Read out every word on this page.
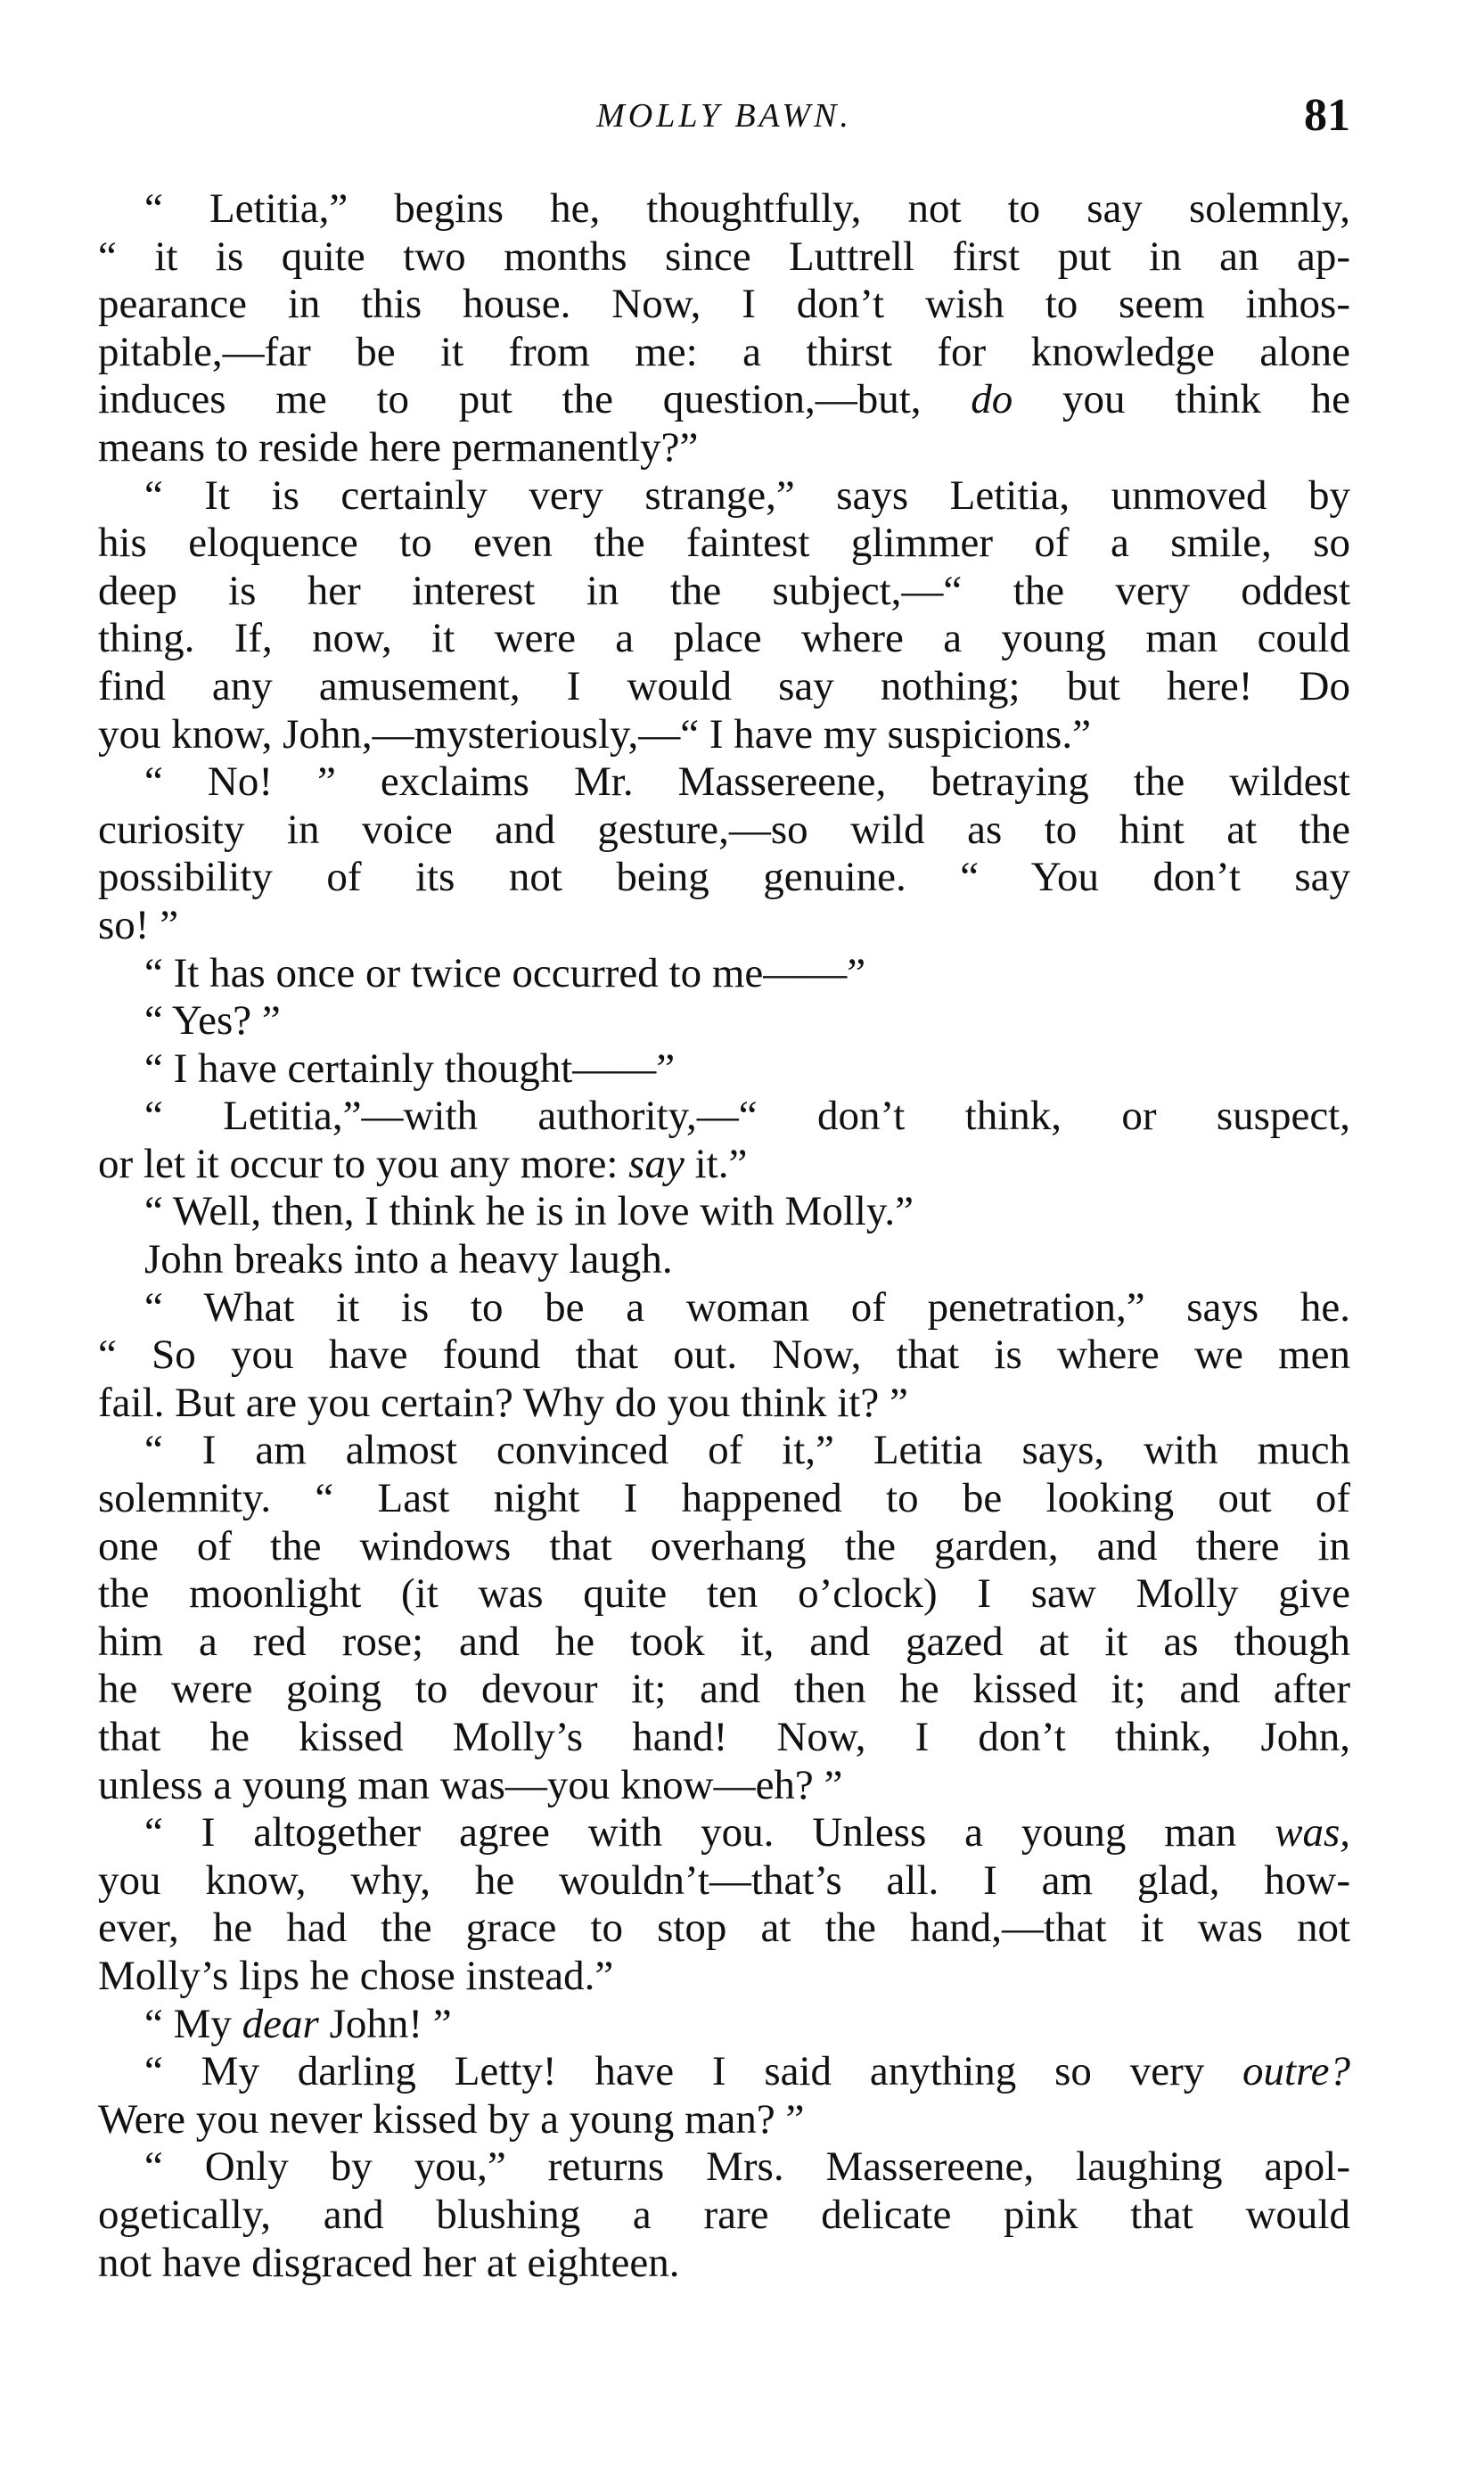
MOLLY BAWN.	81
“ Letitia,” begins he, thoughtfully, not to say solemnly,
“ it is quite two months since Luttrell first put in an ap-
pearance in this house. Now, I don’t wish to seem inhos-
pitable,—far be it from me: a thirst for knowledge alone
induces me to put the question,—but, do you think he
means to reside here permanently?”
“ It is certainly very strange,” says Letitia, unmoved by
his eloquence to even the faintest glimmer of a smile, so
deep is her interest in the subject,—“ the very oddest
thing. If, now, it were a place where a young man could
find any amusement, I would say nothing; but here! Do
you know, John,—mysteriously,—“ I have my suspicions.”
“ No! ” exclaims Mr. Massereene, betraying the wildest
curiosity in voice and gesture,—so wild as to hint at the
possibility of its not being genuine. “ You don’t say
so! ”
“ It has once or twice occurred to me——”
“ Yes? ”
“ I have certainly thought——”
“ Letitia,”—with authority,—“ don’t think, or suspect,
or let it occur to you any more: say it.”
“ Well, then, I think he is in love with Molly.”
John breaks into a heavy laugh.
“ What it is to be a woman of penetration,” says he.
“ So you have found that out. Now, that is where we men
fail. But are you certain? Why do you think it? ”
“ I am almost convinced of it,” Letitia says, with much
solemnity. “ Last night I happened to be looking out of
one of the windows that overhang the garden, and there in
the moonlight (it was quite ten o’clock) I saw Molly give
him a red rose; and he took it, and gazed at it as though
he were going to devour it; and then he kissed it; and after
that he kissed Molly’s hand! Now, I don’t think, John,
unless a young man was—you know—eh? ”
“ I altogether agree with you. Unless a young man was,
you know, why, he wouldn’t—that’s all. I am glad, how-
ever, he had the grace to stop at the hand,—that it was not
Molly’s lips he chose instead.”
“ My dear John! ”
“ My darling Letty! have I said anything so very outre?
Were you never kissed by a young man? ”
“ Only by you,” returns Mrs. Massereene, laughing apol-
ogetically, and blushing a rare delicate pink that would
not have disgraced her at eighteen.
